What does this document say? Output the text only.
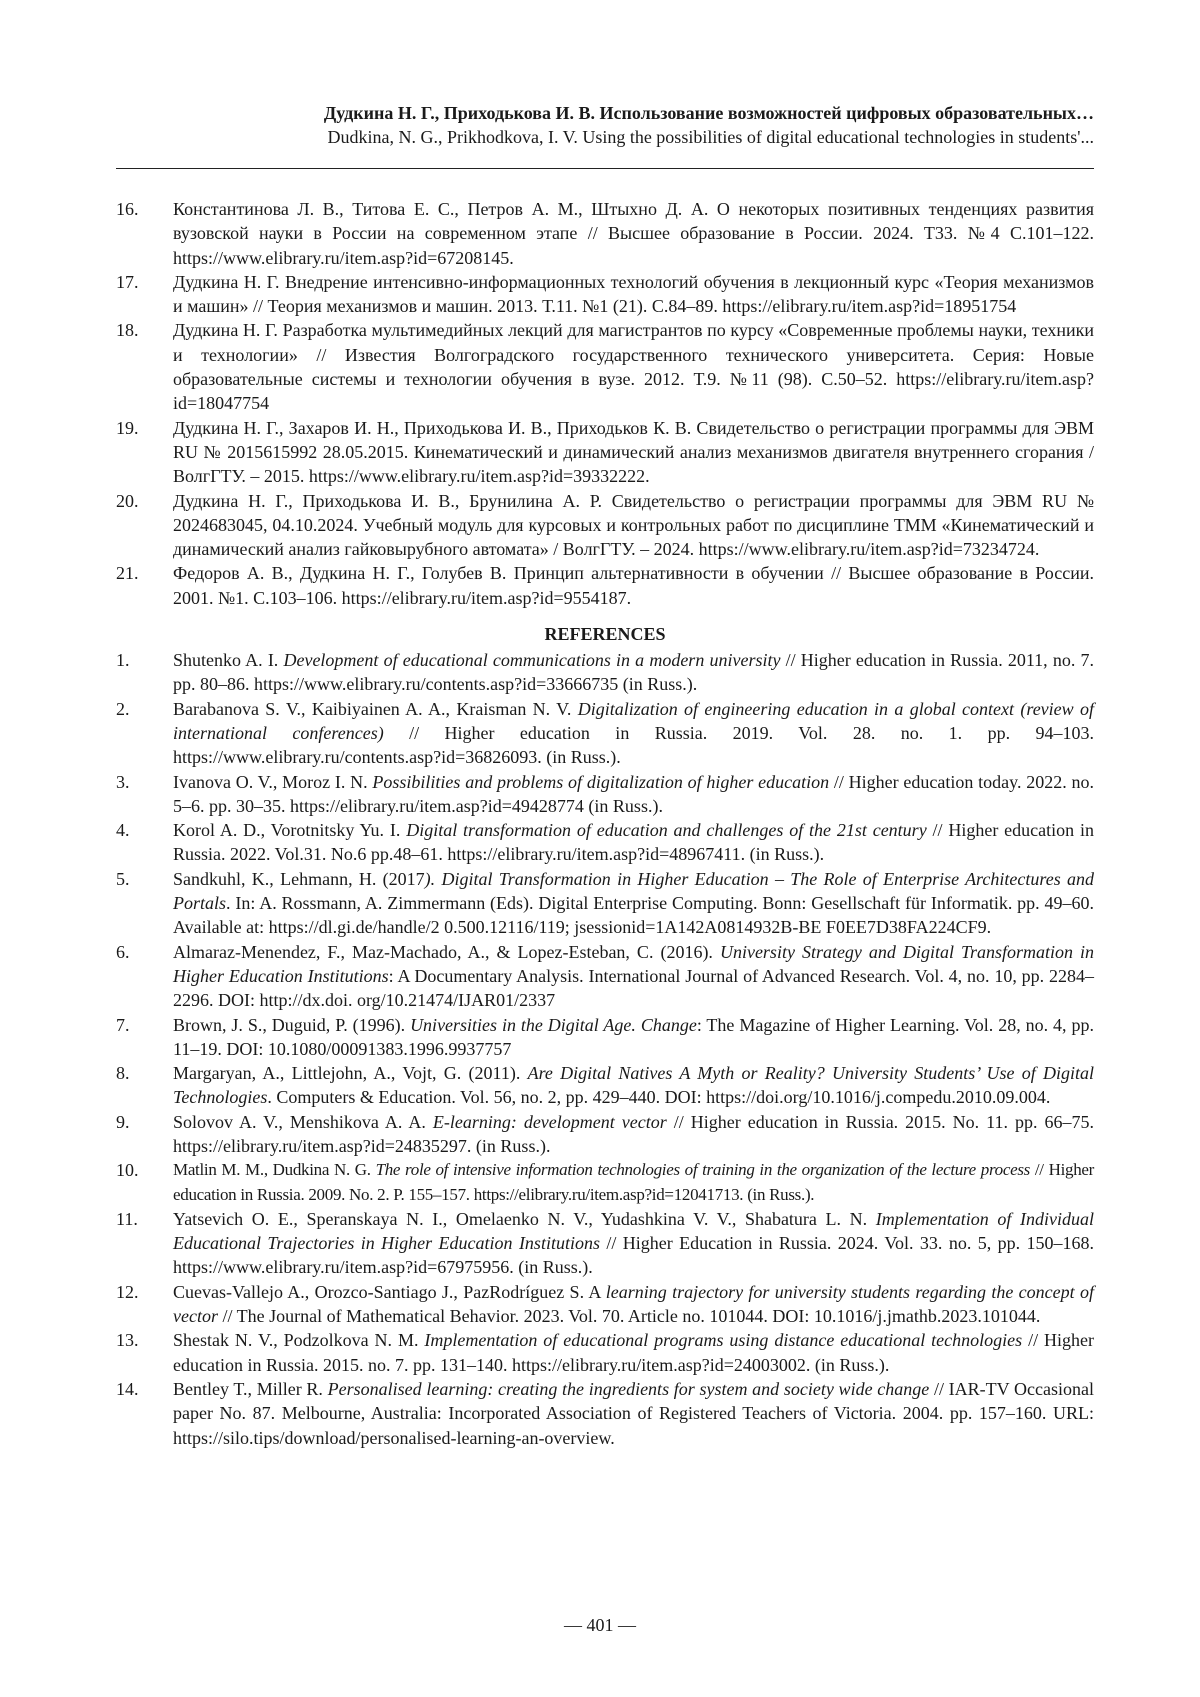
Дудкина Н. Г., Приходькова И. В. Использование возможностей цифровых образовательных…
Dudkina, N. G., Prikhodkova, I. V. Using the possibilities of digital educational technologies in students'...
16.	Константинова Л. В., Титова Е. С., Петров А. М., Штыхно Д. А. О некоторых позитивных тенденциях развития вузовской науки в России на современном этапе // Высшее образование в России. 2024. Т33. №4 С.101–122. https://www.elibrary.ru/item.asp?id=67208145.
17.	Дудкина Н. Г. Внедрение интенсивно-информационных технологий обучения в лекционный курс «Теория механизмов и машин» // Теория механизмов и машин. 2013. Т.11. №1 (21). С.84–89. https://elibrary.ru/item.asp?id=18951754
18.	Дудкина Н. Г. Разработка мультимедийных лекций для магистрантов по курсу «Современные проблемы науки, техники и технологии» // Известия Волгоградского государственного технического университета. Серия: Новые образовательные системы и технологии обучения в вузе. 2012. Т.9. №11 (98). С.50–52. https://elibrary.ru/item.asp?id=18047754
19.	Дудкина Н. Г., Захаров И. Н., Приходькова И. В., Приходьков К. В. Свидетельство о регистрации программы для ЭВМ RU № 2015615992 28.05.2015. Кинематический и динамический анализ механизмов двигателя внутреннего сгорания / ВолгГТУ. – 2015. https://www.elibrary.ru/item.asp?id=39332222.
20.	Дудкина Н. Г., Приходькова И. В., Брунилина А. Р. Свидетельство о регистрации программы для ЭВМ RU № 2024683045, 04.10.2024. Учебный модуль для курсовых и контрольных работ по дисциплине ТММ «Кинематический и динамический анализ гайковырубного автомата» / ВолгГТУ. – 2024. https://www.elibrary.ru/item.asp?id=73234724.
21.	Федоров А. В., Дудкина Н. Г., Голубев В. Принцип альтернативности в обучении // Высшее образование в России. 2001. №1. С.103–106. https://elibrary.ru/item.asp?id=9554187.
REFERENCES
1.	Shutenko A. I. Development of educational communications in a modern university // Higher education in Russia. 2011, no. 7. pp. 80–86. https://www.elibrary.ru/contents.asp?id=33666735 (in Russ.).
2.	Barabanova S. V., Kaibiyainen A. A., Kraisman N. V. Digitalization of engineering education in a global context (review of international conferences) // Higher education in Russia. 2019. Vol. 28. no. 1. pp. 94–103. https://www.elibrary.ru/contents.asp?id=36826093. (in Russ.).
3.	Ivanova O. V., Moroz I. N. Possibilities and problems of digitalization of higher education // Higher education today. 2022. no. 5–6. pp. 30–35. https://elibrary.ru/item.asp?id=49428774 (in Russ.).
4.	Korol A. D., Vorotnitsky Yu. I. Digital transformation of education and challenges of the 21st century // Higher education in Russia. 2022. Vol.31. No.6 pp.48–61. https://elibrary.ru/item.asp?id=48967411. (in Russ.).
5.	Sandkuhl, K., Lehmann, H. (2017). Digital Transformation in Higher Education – The Role of Enterprise Architectures and Portals. In: A. Rossmann, A. Zimmermann (Eds). Digital Enterprise Computing. Bonn: Gesellschaft für Informatik. pp. 49–60. Available at: https://dl.gi.de/handle/2 0.500.12116/119; jsessionid=1A142A0814932B-BE F0EE7D38FA224CF9.
6.	Almaraz-Menendez, F., Maz-Machado, A., & Lopez-Esteban, C. (2016). University Strategy and Digital Transformation in Higher Education Institutions: A Documentary Analysis. International Journal of Advanced Research. Vol. 4, no. 10, pp. 2284–2296. DOI: http://dx.doi. org/10.21474/IJAR01/2337
7.	Brown, J. S., Duguid, P. (1996). Universities in the Digital Age. Change: The Magazine of Higher Learning. Vol. 28, no. 4, pp. 11–19. DOI: 10.1080/00091383.1996.9937757
8.	Margaryan, A., Littlejohn, A., Vojt, G. (2011). Are Digital Natives A Myth or Reality? University Students’ Use of Digital Technologies. Computers & Education. Vol. 56, no. 2, pp. 429–440. DOI: https://doi.org/10.1016/j.compedu.2010.09.004.
9.	Solovov A. V., Menshikova A. A. E-learning: development vector // Higher education in Russia. 2015. No. 11. pp. 66–75. https://elibrary.ru/item.asp?id=24835297. (in Russ.).
10.	Matlin M. M., Dudkina N. G. The role of intensive information technologies of training in the organization of the lecture process // Higher education in Russia. 2009. No. 2. P. 155–157. https://elibrary.ru/item.asp?id=12041713. (in Russ.).
11.	Yatsevich O. E., Speranskaya N. I., Omelaenko N. V., Yudashkina V. V., Shabatura L. N. Implementation of Individual Educational Trajectories in Higher Education Institutions // Higher Education in Russia. 2024. Vol. 33. no. 5, pp. 150–168. https://www.elibrary.ru/item.asp?id=67975956. (in Russ.).
12.	Cuevas-Vallejo A., Orozco-Santiago J., PazRodríguez S. A learning trajectory for university students regarding the concept of vector // The Journal of Mathematical Behavior. 2023. Vol. 70. Article no. 101044. DOI: 10.1016/j.jmathb.2023.101044.
13.	Shestak N. V., Podzolkova N. M. Implementation of educational programs using distance educational technologies // Higher education in Russia. 2015. no. 7. pp. 131–140. https://elibrary.ru/item.asp?id=24003002. (in Russ.).
14.	Bentley T., Miller R. Personalised learning: creating the ingredients for system and society wide change // IAR-TV Occasional paper No. 87. Melbourne, Australia: Incorporated Association of Registered Teachers of Victoria. 2004. pp. 157–160. URL: https://silo.tips/download/personalised-learning-an-overview.
— 401 —
